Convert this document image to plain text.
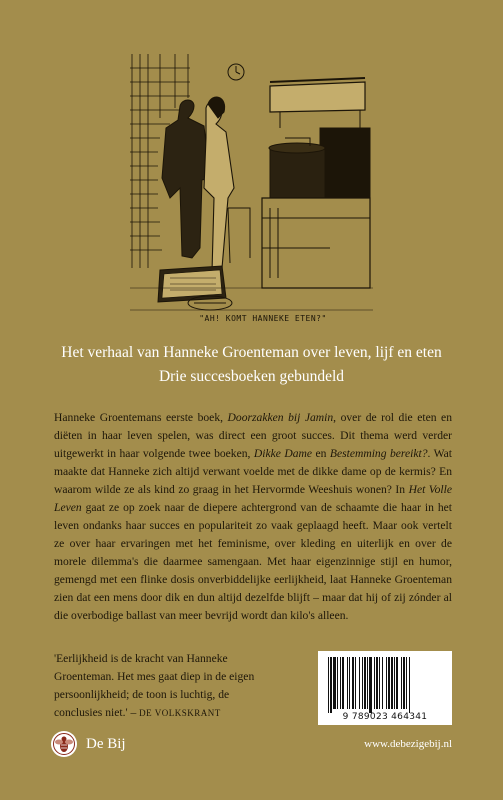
"AH! KOMT HANNEKE ETEN?"
Het verhaal van Hanneke Groenteman over leven, lijf en eten
Drie succesboeken gebundeld
Hanneke Groentemans eerste boek, Doorzakken bij Jamin, over de rol die eten en diëten in haar leven spelen, was direct een groot succes. Dit thema werd verder uitgewerkt in haar volgende twee boeken, Dikke Dame en Bestemming bereikt?. Wat maakte dat Hanneke zich altijd verwant voelde met de dikke dame op de kermis? En waarom wilde ze als kind zo graag in het Hervormde Weeshuis wonen? In Het Volle Leven gaat ze op zoek naar de diepere achtergrond van de schaamte die haar in het leven ondanks haar succes en populariteit zo vaak geplaagd heeft. Maar ook vertelt ze over haar ervaringen met het feminisme, over kleding en uiterlijk en over de morele dilemma's die daarmee samengaan. Met haar eigenzinnige stijl en humor, gemengd met een flinke dosis onverbiddelijke eerlijkheid, laat Hanneke Groenteman zien dat een mens door dik en dun altijd dezelfde blijft – maar dat hij of zij zónder al die overbodige ballast van meer bevrijd wordt dan kilo's alleen.
'Eerlijkheid is de kracht van Hanneke Groenteman. Het mes gaat diep in de eigen persoonlijkheid; de toon is luchtig, de conclusies niet.' – DE VOLKSKRANT	9 789023 464341
De Bij	www.debezigebij.nl
